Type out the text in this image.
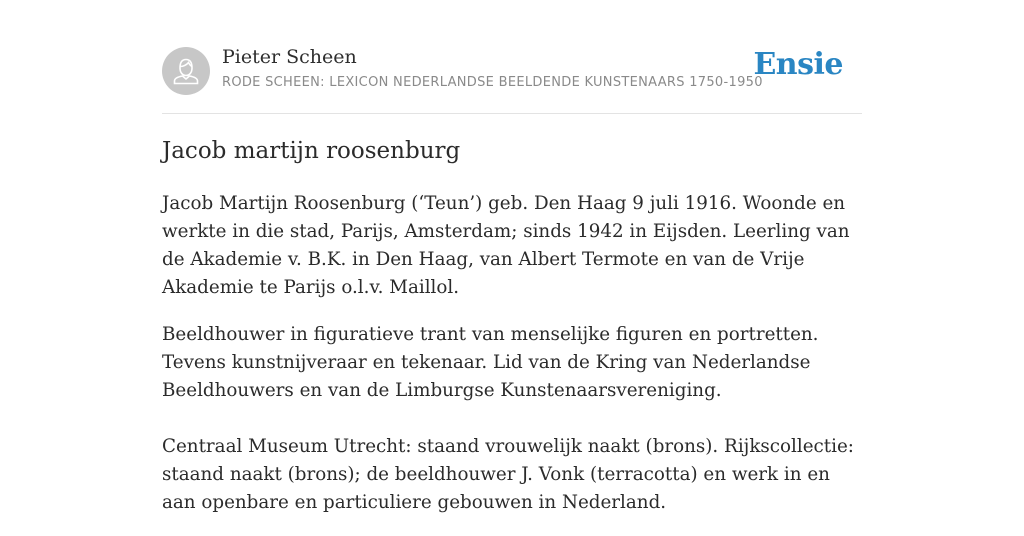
Pieter Scheen
RODE SCHEEN: LEXICON NEDERLANDSE BEELDENDE KUNSTENAARS 1750-1950
Ensie
Jacob martijn roosenburg

Jacob Martijn Roosenburg (‘Teun’) geb. Den Haag 9 juli 1916. Woonde en werkte in die stad, Parijs, Amsterdam; sinds 1942 in Eijsden. Leerling van de Akademie v. B.K. in Den Haag, van Albert Termote en van de Vrije Akademie te Parijs o.l.v. Maillol.

Beeldhouwer in figuratieve trant van menselijke figuren en portretten. Tevens kunstnijveraar en tekenaar. Lid van de Kring van Nederlandse Beeldhouwers en van de Limburgse Kunstenaarsvereniging.

Centraal Museum Utrecht: staand vrouwelijk naakt (brons). Rijkscollectie: staand naakt (brons); de beeldhouwer J. Vonk (terracotta) en werk in en aan openbare en particuliere gebouwen in Nederland.
